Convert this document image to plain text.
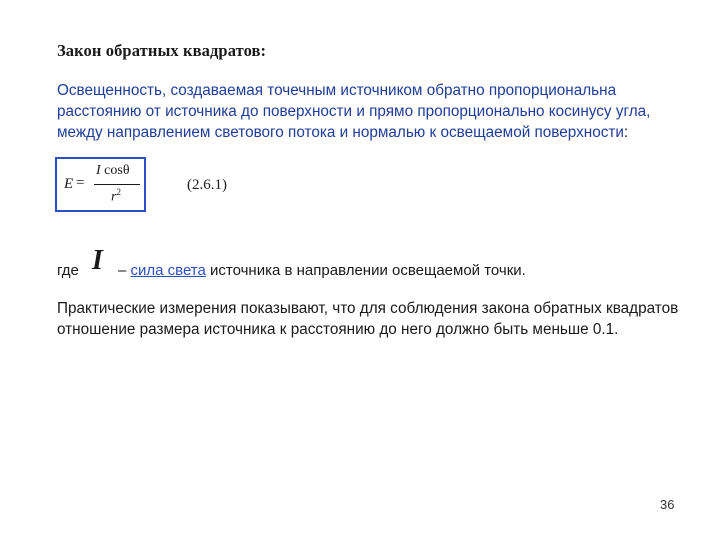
Закон обратных квадратов:
Освещенность, создаваемая точечным источником обратно пропорциональна расстоянию от источника до поверхности и прямо пропорционально косинусу угла, между направлением светового потока и нормалью к освещаемой поверхности:
E =
I cosθ
$r^2$	(2.6.1)
где I – сила света источника в направлении освещаемой точки.
Практические измерения показывают, что для соблюдения закона обратных квадратов отношение размера источника к расстоянию до него должно быть меньше 0.1.
36
